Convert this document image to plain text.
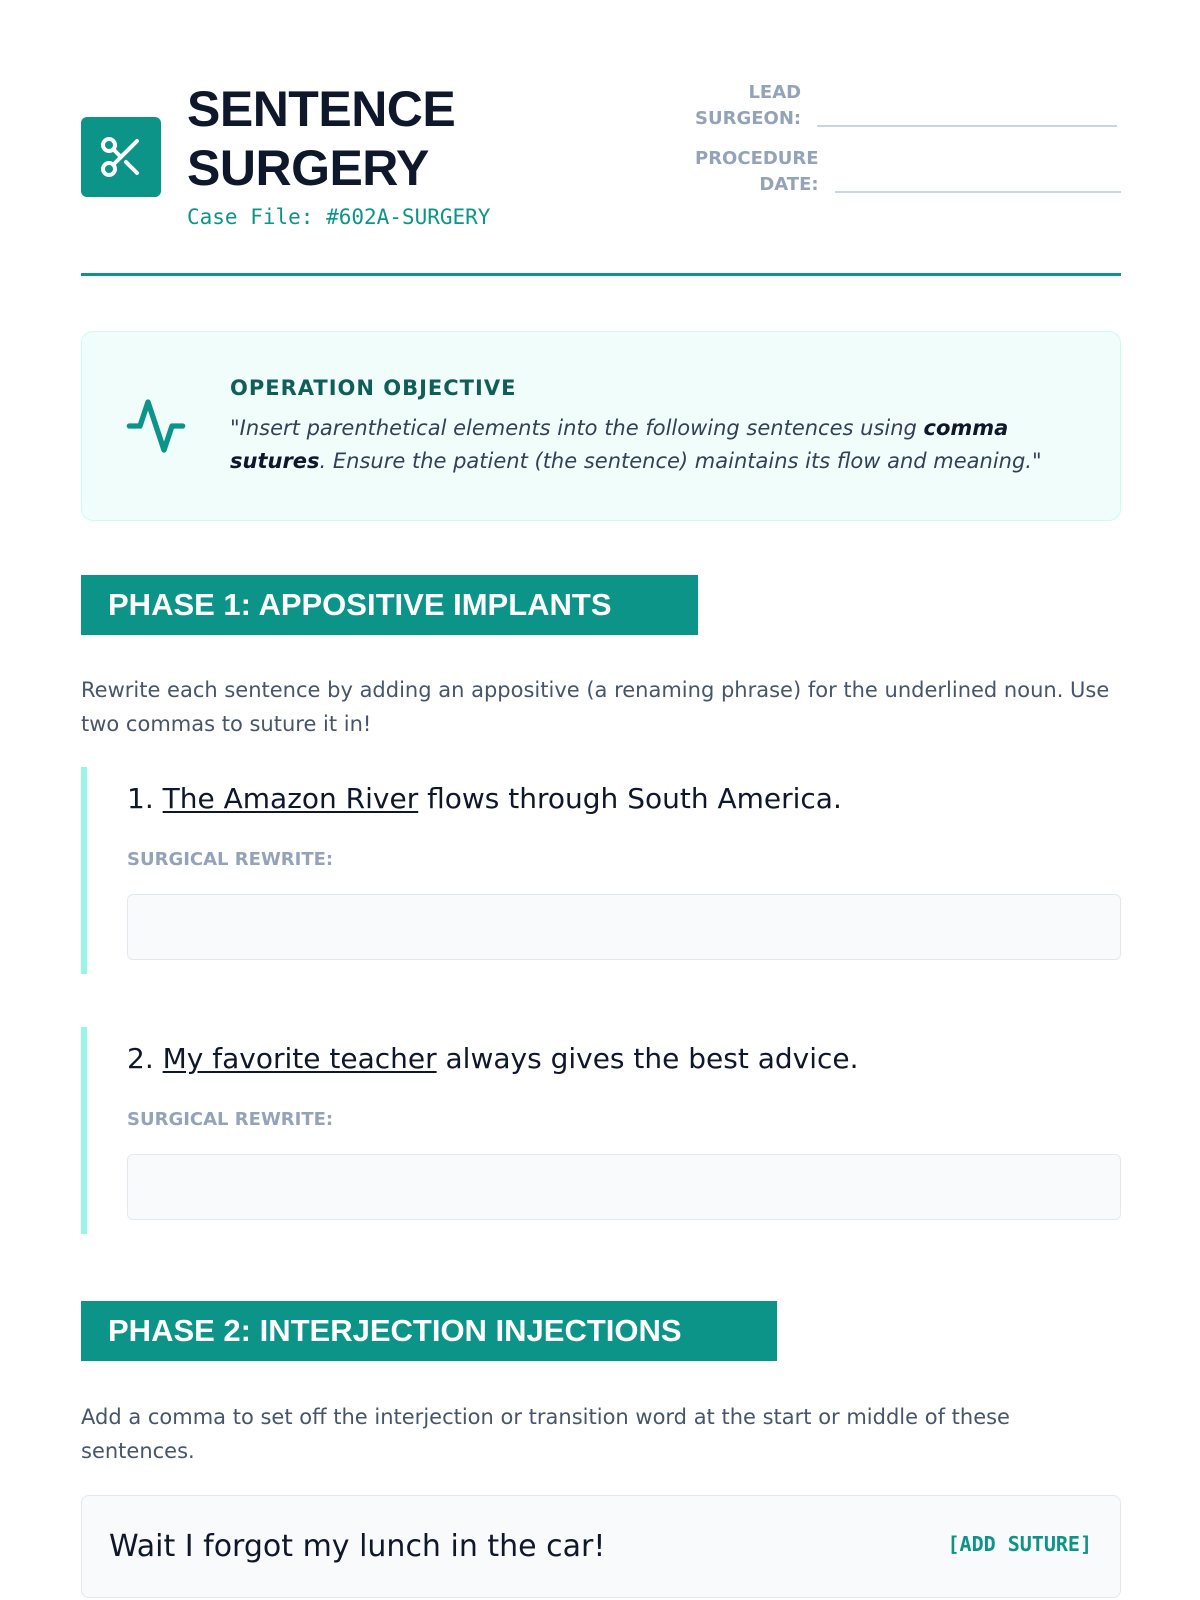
SENTENCE
SURGERY
Case File: #602A-SURGERY
LEAD
SURGEON:
PROCEDURE
DATE:
OPERATION OBJECTIVE
"Insert parenthetical elements into the following sentences using comma sutures. Ensure the patient (the sentence) maintains its flow and meaning."
PHASE 1: APPOSITIVE IMPLANTS
Rewrite each sentence by adding an appositive (a renaming phrase) for the underlined noun. Use two commas to suture it in!
1. The Amazon River flows through South America.
SURGICAL REWRITE:
2. My favorite teacher always gives the best advice.
SURGICAL REWRITE:
PHASE 2: INTERJECTION INJECTIONS
Add a comma to set off the interjection or transition word at the start or middle of these sentences.
Wait I forgot my lunch in the car!	[ADD SUTURE]
